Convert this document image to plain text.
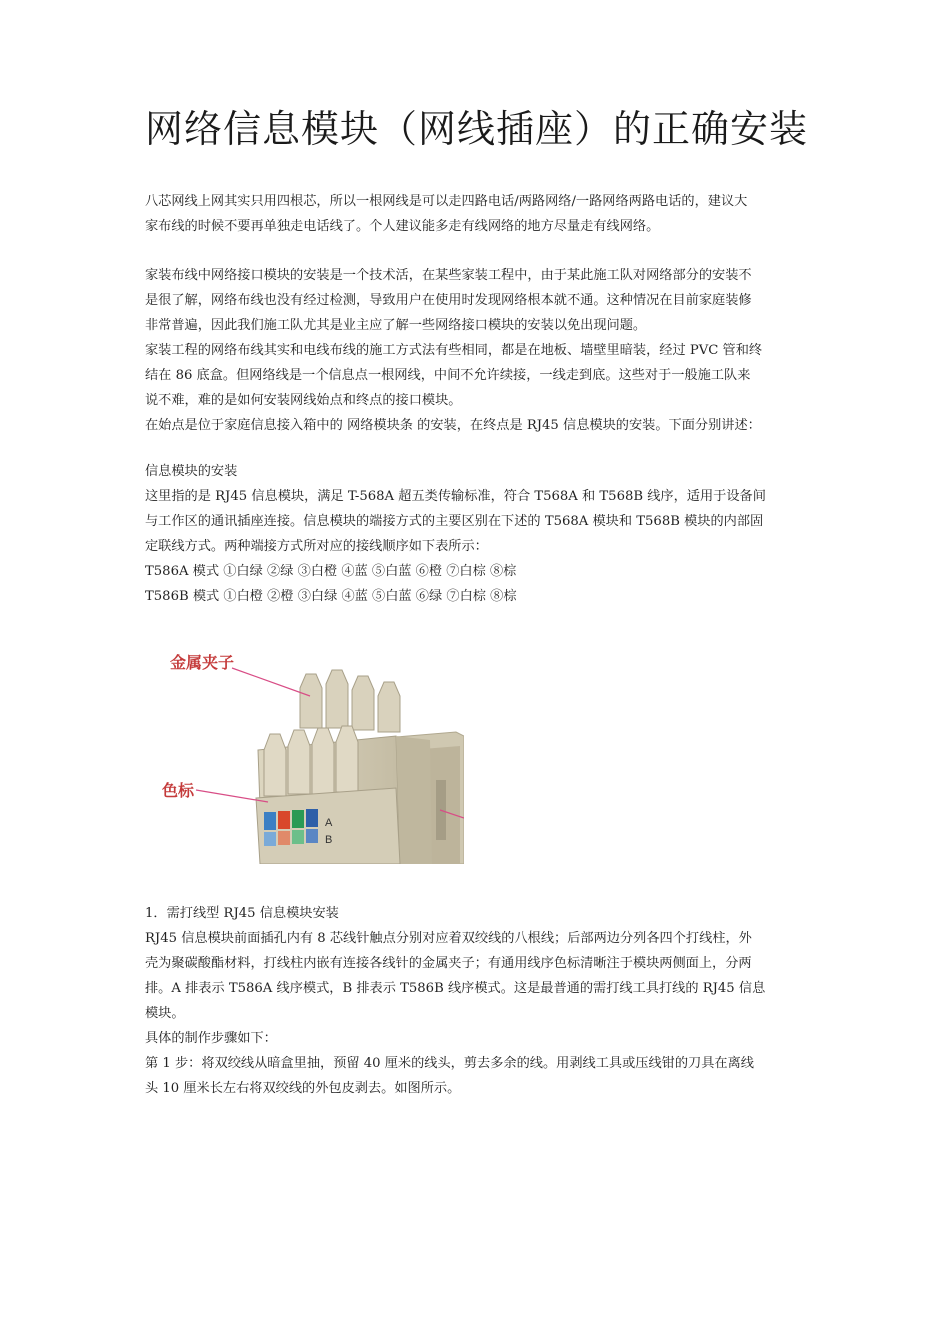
网络信息模块（网线插座）的正确安装
八芯网线上网其实只用四根芯，所以一根网线是可以走四路电话/两路网络/一路网络两路电话的，建议大
家布线的时候不要再单独走电话线了。个人建议能多走有线网络的地方尽量走有线网络。
家装布线中网络接口模块的安装是一个技术活，在某些家装工程中，由于某此施工队对网络部分的安装不
是很了解，网络布线也没有经过检测，导致用户在使用时发现网络根本就不通。这种情况在目前家庭装修
非常普遍，因此我们施工队尤其是业主应了解一些网络接口模块的安装以免出现问题。
家装工程的网络布线其实和电线布线的施工方式法有些相同，都是在地板、墙壁里暗装，经过 PVC 管和终
结在 86 底盒。但网络线是一个信息点一根网线，中间不允许续接，一线走到底。这些对于一般施工队来
说不难，难的是如何安装网线始点和终点的接口模块。
在始点是位于家庭信息接入箱中的 网络模块条 的安装，在终点是 RJ45 信息模块的安装。下面分别讲述：
信息模块的安装
这里指的是 RJ45 信息模块，满足 T-568A 超五类传输标准，符合 T568A 和 T568B 线序，适用于设备间
与工作区的通讯插座连接。信息模块的端接方式的主要区别在下述的 T568A 模块和 T568B 模块的内部固
定联线方式。两种端接方式所对应的接线顺序如下表所示：
T586A 模式 ①白绿 ②绿 ③白橙 ④蓝 ⑤白蓝 ⑥橙 ⑦白棕 ⑧棕
T586B 模式 ①白橙 ②橙 ③白绿 ④蓝 ⑤白蓝 ⑥绿 ⑦白棕 ⑧棕
1．需打线型 RJ45 信息模块安装
RJ45 信息模块前面插孔内有 8 芯线针触点分别对应着双绞线的八根线；后部两边分列各四个打线柱，外
壳为聚碳酸酯材料，打线柱内嵌有连接各线针的金属夹子；有通用线序色标清晰注于模块两侧面上，分两
排。A 排表示 T586A 线序模式，B 排表示 T586B 线序模式。这是最普通的需打线工具打线的 RJ45 信息
模块。
具体的制作步骤如下：
第 1 步：将双绞线从暗盒里抽，预留 40 厘米的线头，剪去多余的线。用剥线工具或压线钳的刀具在离线
头 10 厘米长左右将双绞线的外包皮剥去。如图所示。
A
B
金属夹子
色标
